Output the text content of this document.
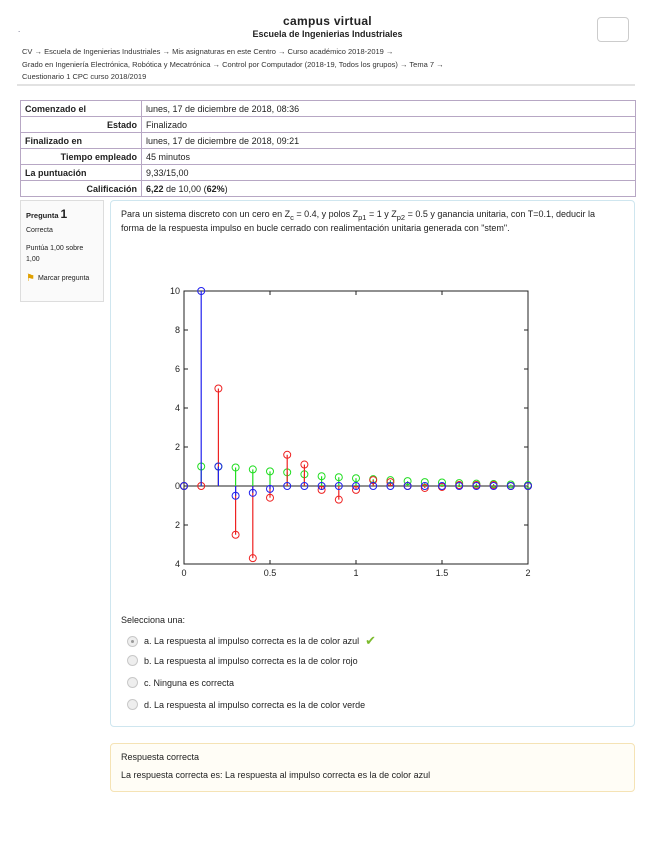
.
campus virtual
Escuela de Ingenierias Industriales
CV → Escuela de Ingenierias Industriales → Mis asignaturas en este Centro → Curso académico 2018-2019 →
Grado en Ingeniería Electrónica, Robótica y Mecatrónica → Control por Computador (2018-19, Todos los grupos) → Tema 7 →
Cuestionario 1 CPC curso 2018/2019
Comenzado el	lunes, 17 de diciembre de 2018, 08:36
Estado	Finalizado
Finalizado en	lunes, 17 de diciembre de 2018, 09:21
Tiempo empleado	45 minutos
La puntuación	9,33/15,00
Calificación	6,22 de 10,00 (62%)
Pregunta 1
Correcta
Puntúa 1,00 sobre 1,00
⚑ Marcar pregunta
Para un sistema discreto con un cero en $Z_c = 0.4$, y polos $Z_{p1} = 1$ y $Z_{p2} = 0.5$ y ganancia unitaria, con T=0.1, deducir la forma de la respuesta impulso en bucle cerrado con realimentación unitaria generada con "stem".
10
8
6
4
2
0
2
4
0	0.5	1	1.5	2
Selecciona una:
a. La respuesta al impulso correcta es la de color azul ✔
b. La respuesta al impulso correcta es la de color rojo
c. Ninguna es correcta
d. La respuesta al impulso correcta es la de color verde
Respuesta correcta
La respuesta correcta es: La respuesta al impulso correcta es la de color azul
